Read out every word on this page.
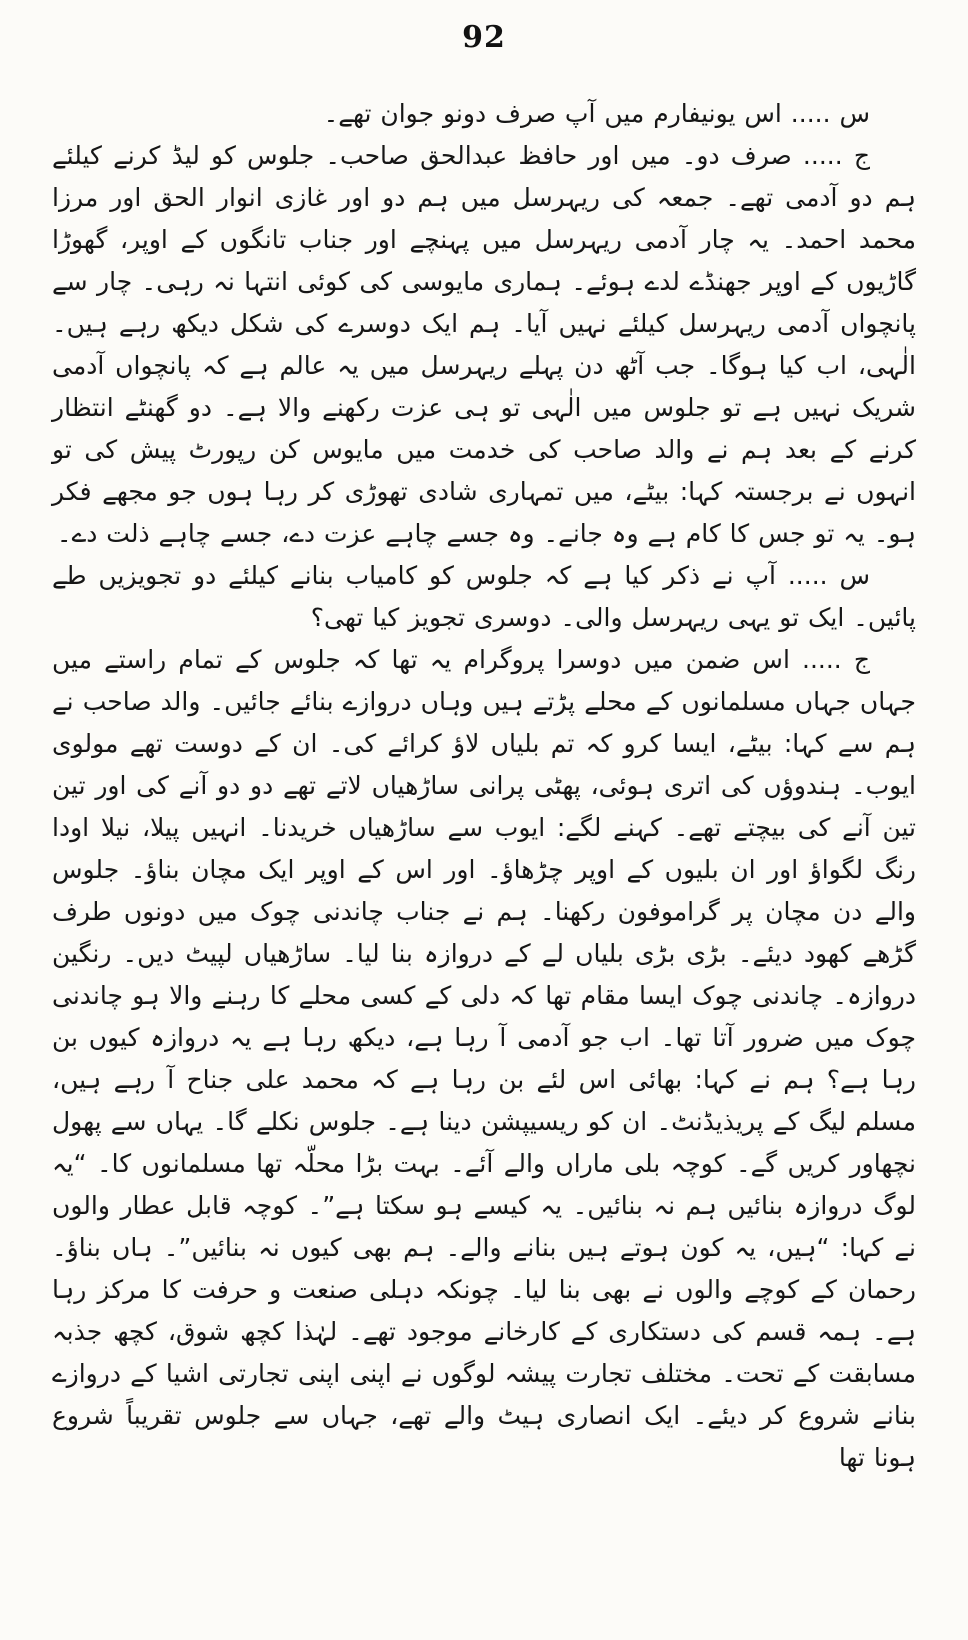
92

س ..... اس یونیفارم میں آپ صرف دونو جوان تھے۔

ج ..... صرف دو۔ میں اور حافظ عبدالحق صاحب۔ جلوس کو لیڈ کرنے کیلئے ہم دو آدمی تھے۔ جمعہ کی ریہرسل میں ہم دو اور غازی انوار الحق اور مرزا محمد احمد۔ یہ چار آدمی ریہرسل میں پہنچے اور جناب تانگوں کے اوپر، گھوڑا گاڑیوں کے اوپر جھنڈے لدے ہوئے۔ ہماری مایوسی کی کوئی انتہا نہ رہی۔ چار سے پانچواں آدمی ریہرسل کیلئے نہیں آیا۔ ہم ایک دوسرے کی شکل دیکھ رہے ہیں۔ الٰہی، اب کیا ہوگا۔ جب آٹھ دن پہلے ریہرسل میں یہ عالم ہے کہ پانچواں آدمی شریک نہیں ہے تو جلوس میں الٰہی تو ہی عزت رکھنے والا ہے۔ دو گھنٹے انتظار کرنے کے بعد ہم نے والد صاحب کی خدمت میں مایوس کن رپورٹ پیش کی تو انہوں نے برجستہ کہا: بیٹے، میں تمہاری شادی تھوڑی کر رہا ہوں جو مجھے فکر ہو۔ یہ تو جس کا کام ہے وہ جانے۔ وہ جسے چاہے عزت دے، جسے چاہے ذلت دے۔

س ..... آپ نے ذکر کیا ہے کہ جلوس کو کامیاب بنانے کیلئے دو تجویزیں طے پائیں۔ ایک تو یہی ریہرسل والی۔ دوسری تجویز کیا تھی؟

ج ..... اس ضمن میں دوسرا پروگرام یہ تھا کہ جلوس کے تمام راستے میں جہاں جہاں مسلمانوں کے محلے پڑتے ہیں وہاں دروازے بنائے جائیں۔ والد صاحب نے ہم سے کہا: بیٹے، ایسا کرو کہ تم بلیاں لاؤ کرائے کی۔ ان کے دوست تھے مولوی ایوب۔ ہندوؤں کی اتری ہوئی، پھٹی پرانی ساڑھیاں لاتے تھے دو دو آنے کی اور تین تین آنے کی بیچتے تھے۔ کہنے لگے: ایوب سے ساڑھیاں خریدنا۔ انہیں پیلا، نیلا اودا رنگ لگواؤ اور ان بلیوں کے اوپر چڑھاؤ۔ اور اس کے اوپر ایک مچان بناؤ۔ جلوس والے دن مچان پر گراموفون رکھنا۔ ہم نے جناب چاندنی چوک میں دونوں طرف گڑھے کھود دیئے۔ بڑی بڑی بلیاں لے کے دروازہ بنا لیا۔ ساڑھیاں لپیٹ دیں۔ رنگین دروازہ۔ چاندنی چوک ایسا مقام تھا کہ دلی کے کسی محلے کا رہنے والا ہو چاندنی چوک میں ضرور آتا تھا۔ اب جو آدمی آ رہا ہے، دیکھ رہا ہے یہ دروازہ کیوں بن رہا ہے؟ ہم نے کہا: بھائی اس لئے بن رہا ہے کہ محمد علی جناح آ رہے ہیں، مسلم لیگ کے پریذیڈنٹ۔ ان کو ریسیپشن دینا ہے۔ جلوس نکلے گا۔ یہاں سے پھول نچھاور کریں گے۔ کوچہ بلی ماراں والے آئے۔ بہت بڑا محلّہ تھا مسلمانوں کا۔ “یہ لوگ دروازہ بنائیں ہم نہ بنائیں۔ یہ کیسے ہو سکتا ہے”۔ کوچہ قابل عطار والوں نے کہا: “ہیں، یہ کون ہوتے ہیں بنانے والے۔ ہم بھی کیوں نہ بنائیں”۔ ہاں بناؤ۔ رحمان کے کوچے والوں نے بھی بنا لیا۔ چونکہ دہلی صنعت و حرفت کا مرکز رہا ہے۔ ہمہ قسم کی دستکاری کے کارخانے موجود تھے۔ لہٰذا کچھ شوق، کچھ جذبہ مسابقت کے تحت۔ مختلف تجارت پیشہ لوگوں نے اپنی اپنی تجارتی اشیا کے دروازے بنانے شروع کر دیئے۔ ایک انصاری ہیٹ والے تھے، جہاں سے جلوس تقریباً شروع ہونا تھا
